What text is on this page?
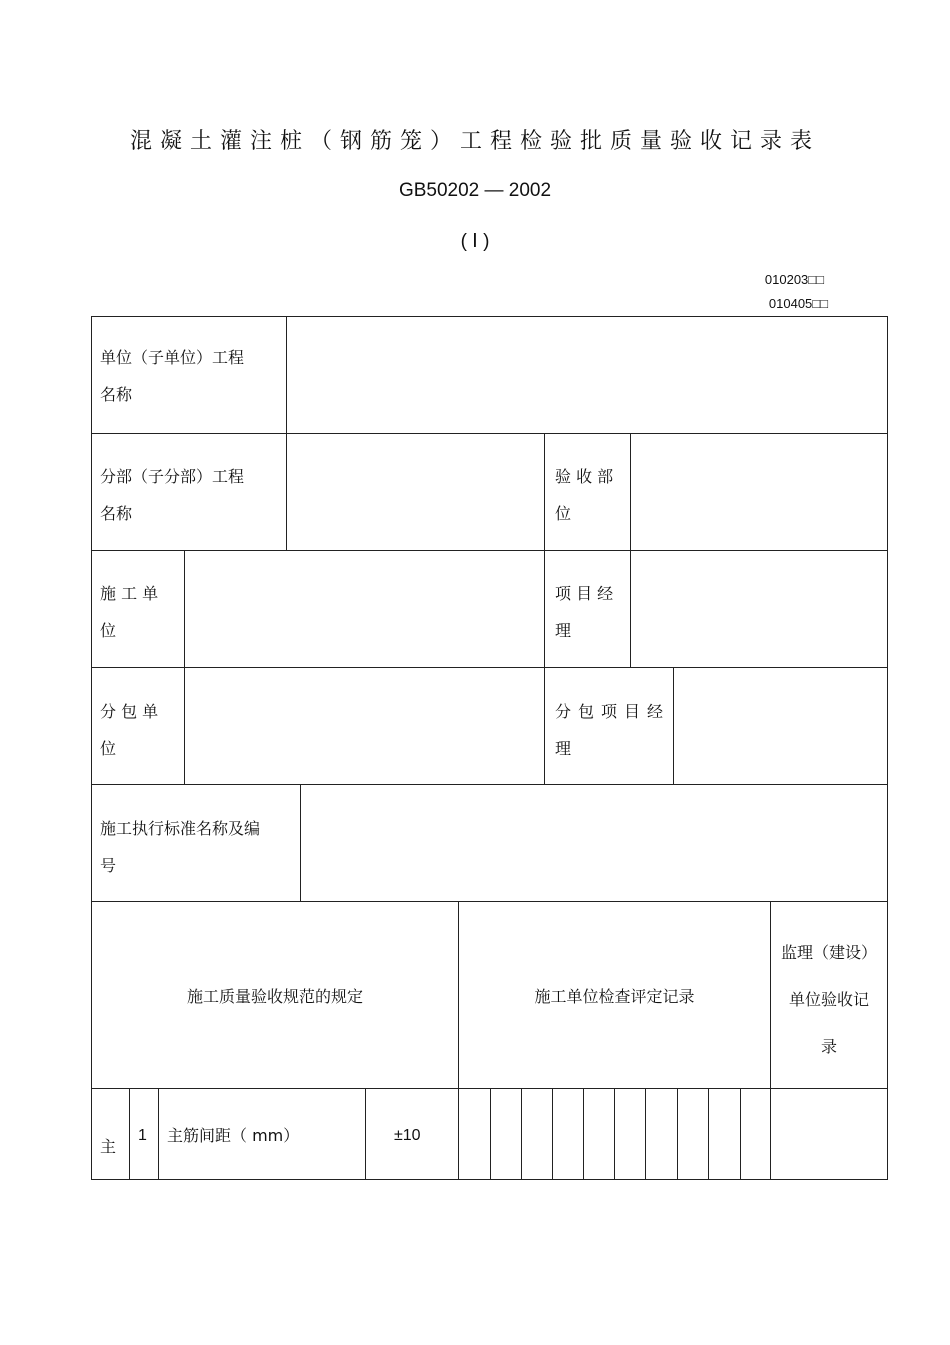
混凝土灌注桩（钢筋笼）工程检验批质量验收记录表
GB50202 — 2002
( Ⅰ )
010203□□
010405□□
单位（子单位）工程
名称
分部（子分部）工程
名称
验 收 部
位
施 工 单
位
项 目 经
理
分 包 单
位
分包项目经
理
施工执行标准名称及编
号
施工质量验收规范的规定	施工单位检查评定记录
监理（建设）
单位验收记
录
主
1 主筋间距（ mm）	±10
